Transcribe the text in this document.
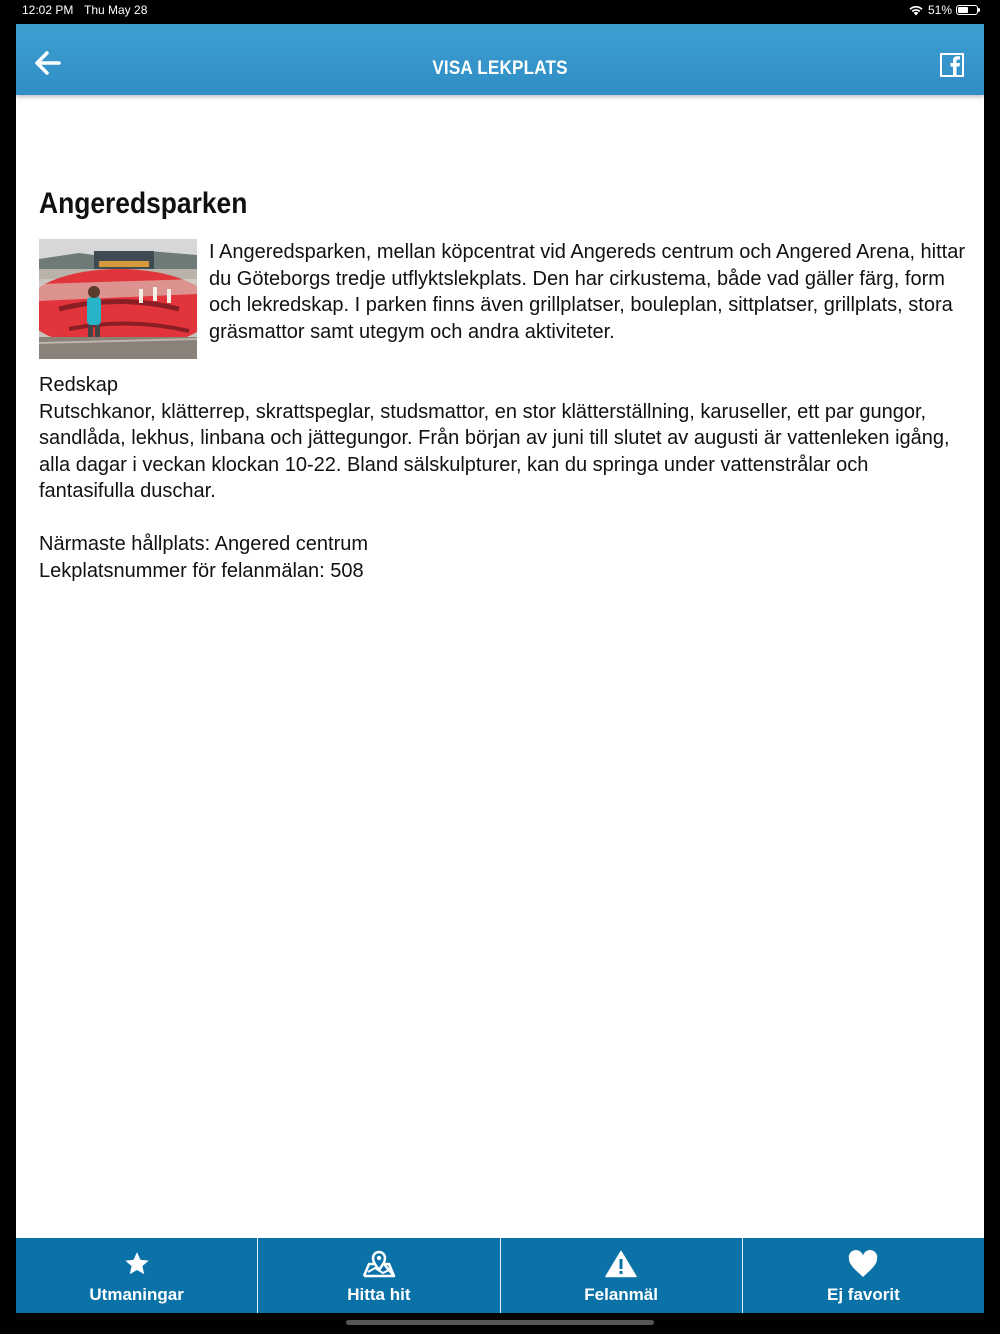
12:02 PM Thu May 28	51%
VISA LEKPLATS
Angeredsparken
I Angeredsparken, mellan köpcentrat vid Angereds centrum och Angered Arena, hittar du Göteborgs tredje utflyktslekplats. Den har cirkustema, både vad gäller färg, form och lekredskap. I parken finns även grillplatser, bouleplan, sittplatser, grillplats, stora gräsmattor samt utegym och andra aktiviteter.

Redskap

Rutschkanor, klätterrep, skrattspeglar, studsmattor, en stor klätterställning, karuseller, ett par gungor, sandlåda, lekhus, linbana och jättegungor. Från början av juni till slutet av augusti är vattenleken igång, alla dagar i veckan klockan 10-22. Bland sälskulpturer, kan du springa under vattenstrålar och fantasifulla duschar.

Närmaste hållplats: Angered centrum

Lekplatsnummer för felanmälan: 508

Utmaningar	Hitta hit	Felanmäl	Ej favorit
